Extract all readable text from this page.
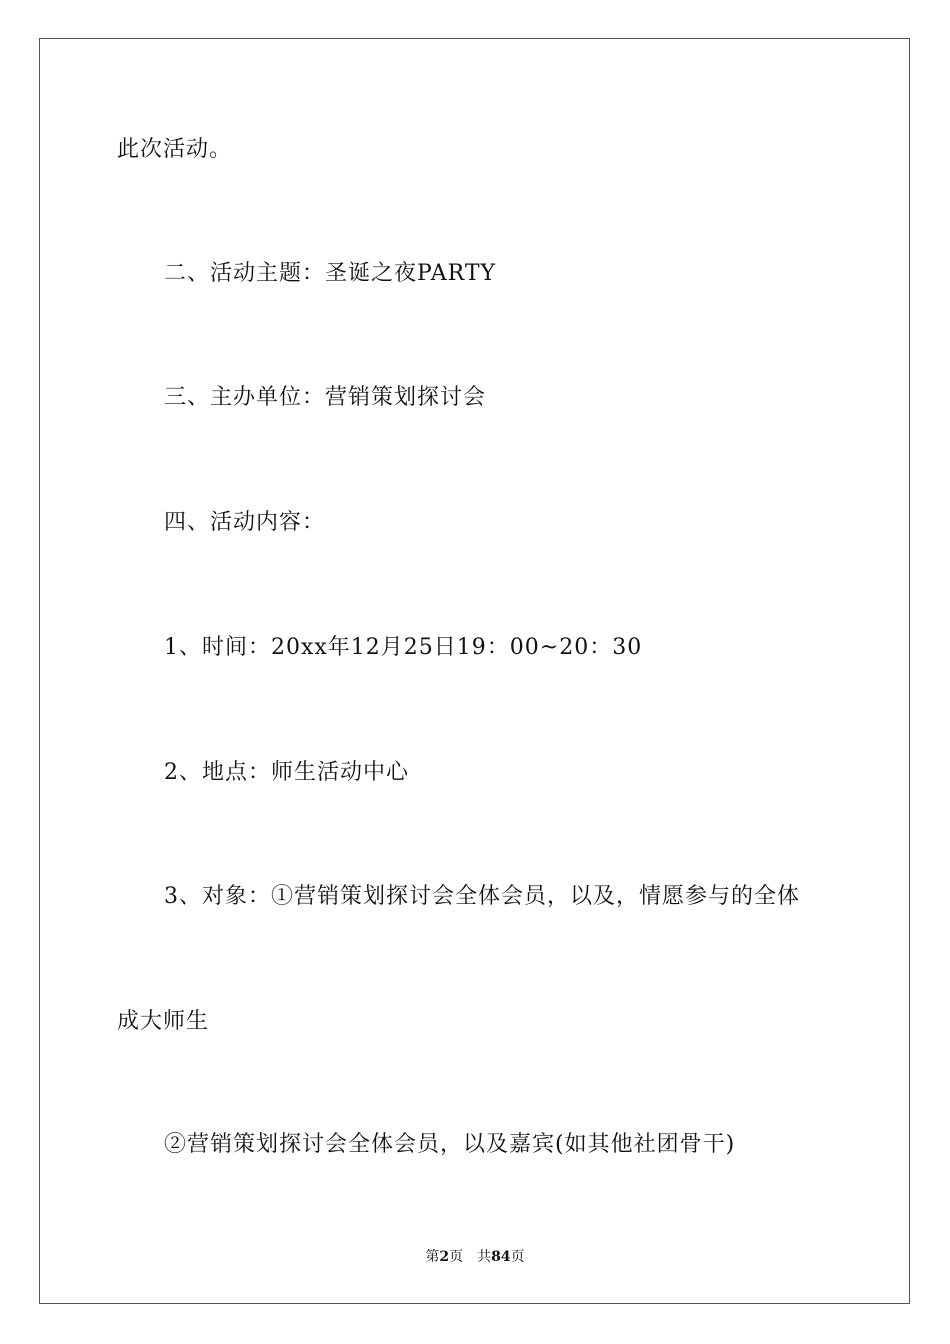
此次活动。
二、活动主题：圣诞之夜PARTY
三、主办单位：营销策划探讨会
四、活动内容：
1、时间：20xx年12月25日19：00~20：30
2、地点：师生活动中心
3、对象：①营销策划探讨会全体会员，以及，情愿参与的全体
成大师生
②营销策划探讨会全体会员，以及嘉宾(如其他社团骨干)
第2页 共84页
